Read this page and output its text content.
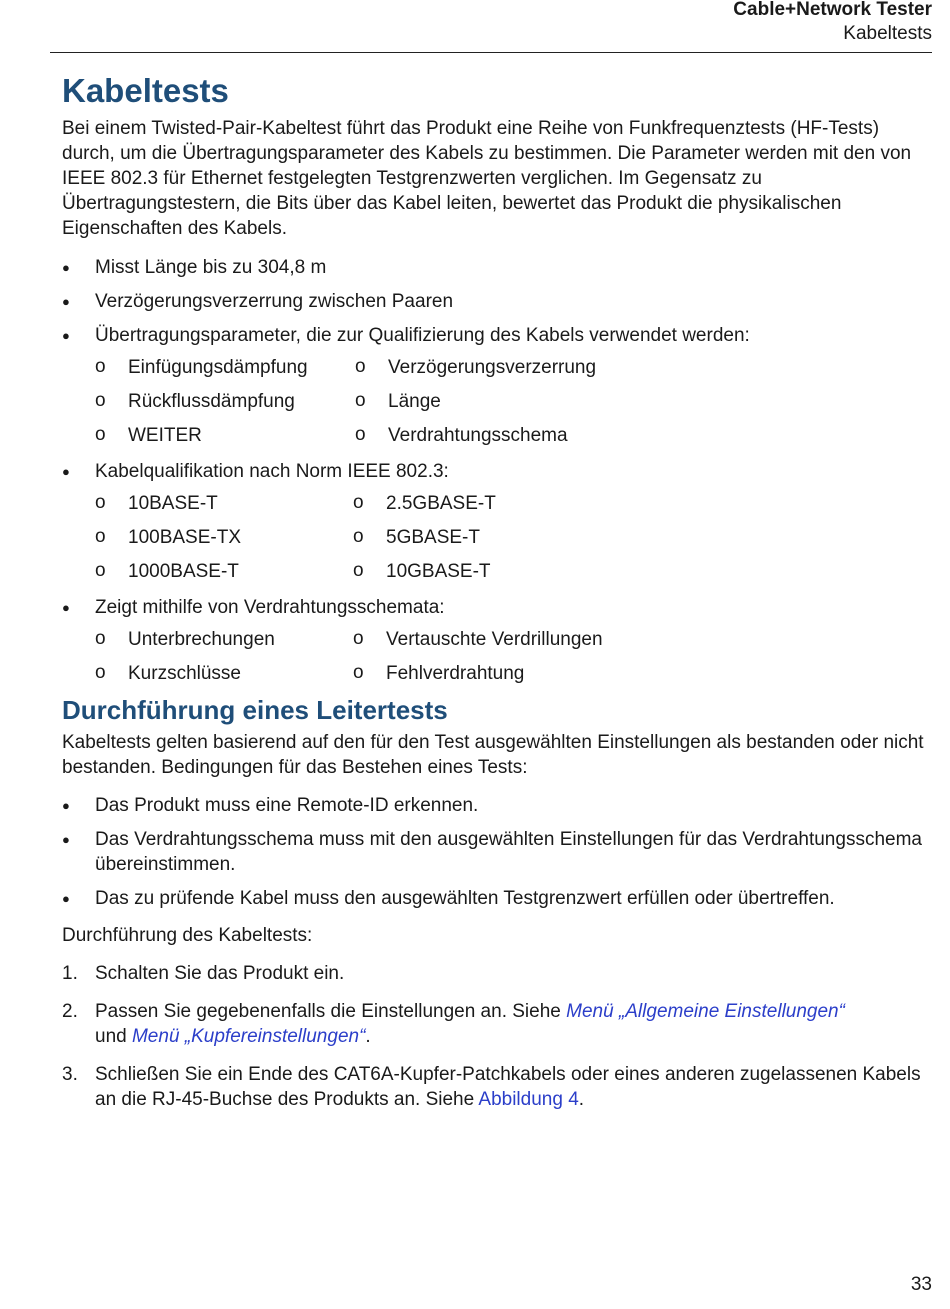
Cable+Network Tester
Kabeltests
Kabeltests

Bei einem Twisted-Pair-Kabeltest führt das Produkt eine Reihe von Funkfrequenztests (HF-Tests) durch, um die Übertragungsparameter des Kabels zu bestimmen. Die Parameter werden mit den von IEEE 802.3 für Ethernet festgelegten Testgrenzwerten verglichen. Im Gegensatz zu Übertragungstestern, die Bits über das Kabel leiten, bewertet das Produkt die physikalischen Eigenschaften des Kabels.

● Misst Länge bis zu 304,8 m
● Verzögerungsverzerrung zwischen Paaren
● Übertragungsparameter, die zur Qualifizierung des Kabels verwendet werden:
o Einfügungsdämpfung	o Verzögerungsverzerrung
o Rückflussdämpfung	o Länge
o WEITER	o Verdrahtungsschema
● Kabelqualifikation nach Norm IEEE 802.3:
o 10BASE-T	o 2.5GBASE-T
o 100BASE-TX	o 5GBASE-T
o 1000BASE-T	o 10GBASE-T
● Zeigt mithilfe von Verdrahtungsschemata:
o Unterbrechungen	o Vertauschte Verdrillungen
o Kurzschlüsse	o Fehlverdrahtung
Durchführung eines Leitertests

Kabeltests gelten basierend auf den für den Test ausgewählten Einstellungen als bestanden oder nicht bestanden. Bedingungen für das Bestehen eines Tests:

● Das Produkt muss eine Remote-ID erkennen.
● Das Verdrahtungsschema muss mit den ausgewählten Einstellungen für das Verdrahtungsschema übereinstimmen.
● Das zu prüfende Kabel muss den ausgewählten Testgrenzwert erfüllen oder übertreffen.

Durchführung des Kabeltests:

1. Schalten Sie das Produkt ein.
2. Passen Sie gegebenenfalls die Einstellungen an. Siehe Menü „Allgemeine Einstellungen“
und Menü „Kupfereinstellungen“.
3. Schließen Sie ein Ende des CAT6A-Kupfer-Patchkabels oder eines anderen zugelassenen Kabels an die RJ-45-Buchse des Produkts an. Siehe Abbildung 4.
33
